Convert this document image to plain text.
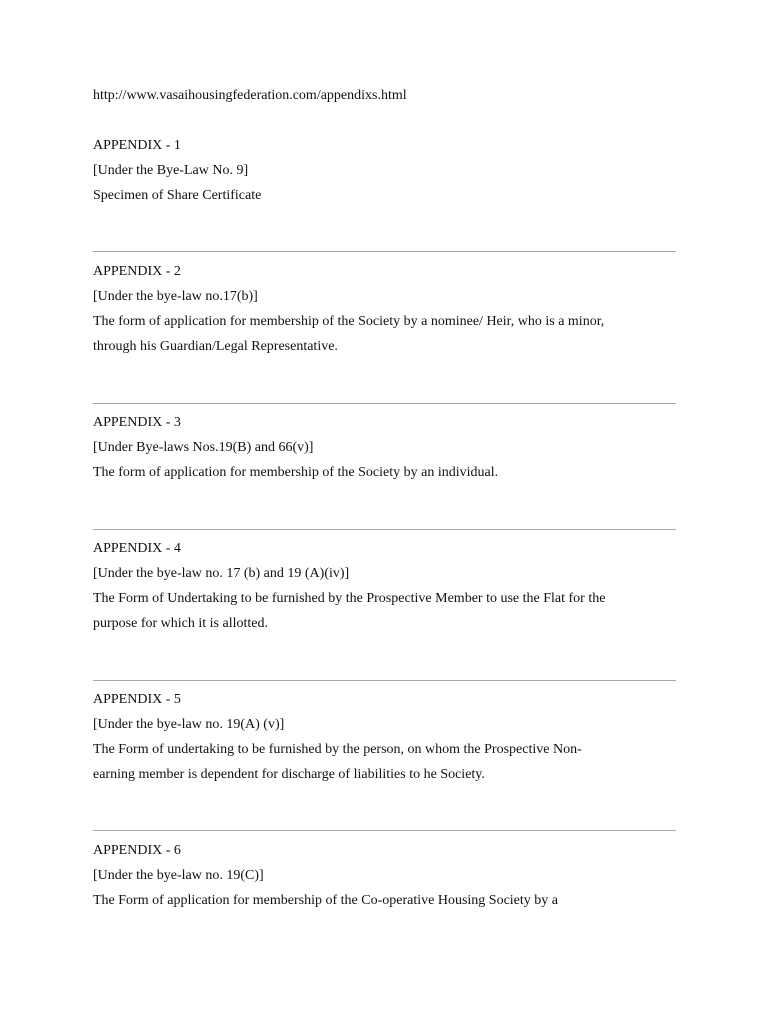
http://www.vasaihousingfederation.com/appendixs.html
APPENDIX - 1
[Under the Bye-Law No. 9]
Specimen of Share Certificate
APPENDIX - 2
[Under the bye-law no.17(b)]
The form of application for membership of the Society by a nominee/ Heir, who is a minor,
through his Guardian/Legal Representative.
APPENDIX - 3
[Under Bye-laws Nos.19(B) and 66(v)]
The form of application for membership of the Society by an individual.
APPENDIX - 4
[Under the bye-law no. 17 (b) and 19 (A)(iv)]
The Form of Undertaking to be furnished by the Prospective Member to use the Flat for the
purpose for which it is allotted.
APPENDIX - 5
[Under the bye-law no. 19(A) (v)]
The Form of undertaking to be furnished by the person, on whom the Prospective Non-
earning member is dependent for discharge of liabilities to he Society.
APPENDIX - 6
[Under the bye-law no. 19(C)]
The Form of application for membership of the Co-operative Housing Society by a
